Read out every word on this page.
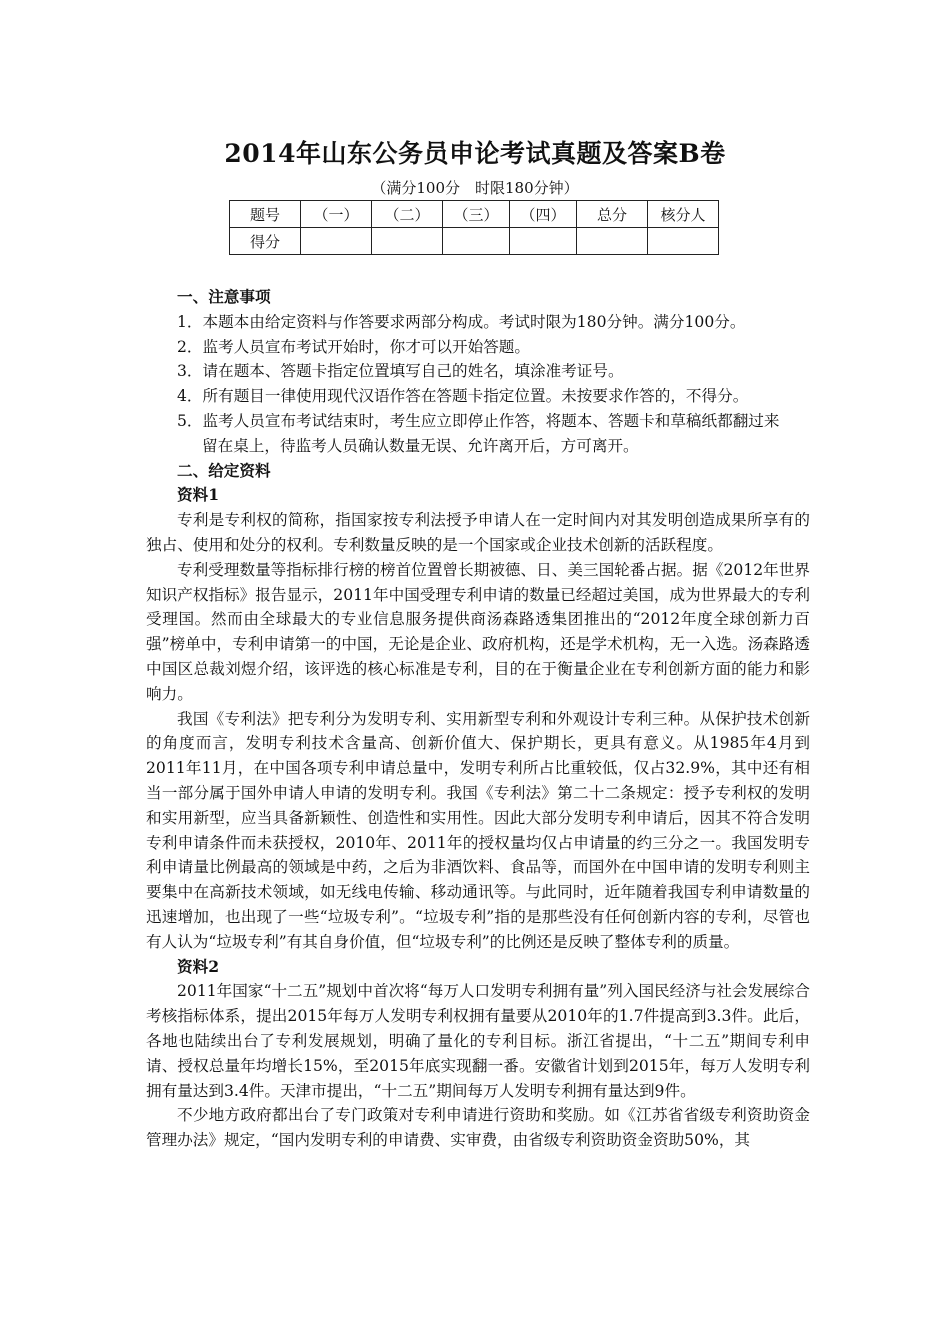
2014年山东公务员申论考试真题及答案B卷
（满分100分　时限180分钟）
题号	（一）	（二）	（三）	（四）	总分	核分人
得分						

一、注意事项

1．本题本由给定资料与作答要求两部分构成。考试时限为180分钟。满分100分。

2．监考人员宣布考试开始时，你才可以开始答题。

3．请在题本、答题卡指定位置填写自己的姓名，填涂准考证号。

4．所有题目一律使用现代汉语作答在答题卡指定位置。未按要求作答的，不得分。

5．监考人员宣布考试结束时，考生应立即停止作答，将题本、答题卡和草稿纸都翻过来

留在桌上，待监考人员确认数量无误、允许离开后，方可离开。

二、给定资料

资料1

专利是专利权的简称，指国家按专利法授予申请人在一定时间内对其发明创造成果所享有的独占、使用和处分的权利。专利数量反映的是一个国家或企业技术创新的活跃程度。

专利受理数量等指标排行榜的榜首位置曾长期被德、日、美三国轮番占据。据《2012年世界知识产权指标》报告显示，2011年中国受理专利申请的数量已经超过美国，成为世界最大的专利受理国。然而由全球最大的专业信息服务提供商汤森路透集团推出的“2012年度全球创新力百强”榜单中，专利申请第一的中国，无论是企业、政府机构，还是学术机构，无一入选。汤森路透中国区总裁刘煜介绍，该评选的核心标准是专利，目的在于衡量企业在专利创新方面的能力和影响力。

我国《专利法》把专利分为发明专利、实用新型专利和外观设计专利三种。从保护技术创新的角度而言，发明专利技术含量高、创新价值大、保护期长，更具有意义。从1985年4月到2011年11月，在中国各项专利申请总量中，发明专利所占比重较低，仅占32.9%，其中还有相当一部分属于国外申请人申请的发明专利。我国《专利法》第二十二条规定：授予专利权的发明和实用新型，应当具备新颖性、创造性和实用性。因此大部分发明专利申请后，因其不符合发明专利申请条件而未获授权，2010年、2011年的授权量均仅占申请量的约三分之一。我国发明专利申请量比例最高的领域是中药，之后为非酒饮料、食品等，而国外在中国申请的发明专利则主要集中在高新技术领域，如无线电传输、移动通讯等。与此同时，近年随着我国专利申请数量的迅速增加，也出现了一些“垃圾专利”。“垃圾专利”指的是那些没有任何创新内容的专利，尽管也有人认为“垃圾专利”有其自身价值，但“垃圾专利”的比例还是反映了整体专利的质量。

资料2

2011年国家“十二五”规划中首次将“每万人口发明专利拥有量”列入国民经济与社会发展综合考核指标体系，提出2015年每万人发明专利权拥有量要从2010年的1.7件提高到3.3件。此后，各地也陆续出台了专利发展规划，明确了量化的专利目标。浙江省提出，“十二五”期间专利申请、授权总量年均增长15%，至2015年底实现翻一番。安徽省计划到2015年，每万人发明专利拥有量达到3.4件。天津市提出，“十二五”期间每万人发明专利拥有量达到9件。

不少地方政府都出台了专门政策对专利申请进行资助和奖励。如《江苏省省级专利资助资金管理办法》规定，“国内发明专利的申请费、实审费，由省级专利资助资金资助50%，其
